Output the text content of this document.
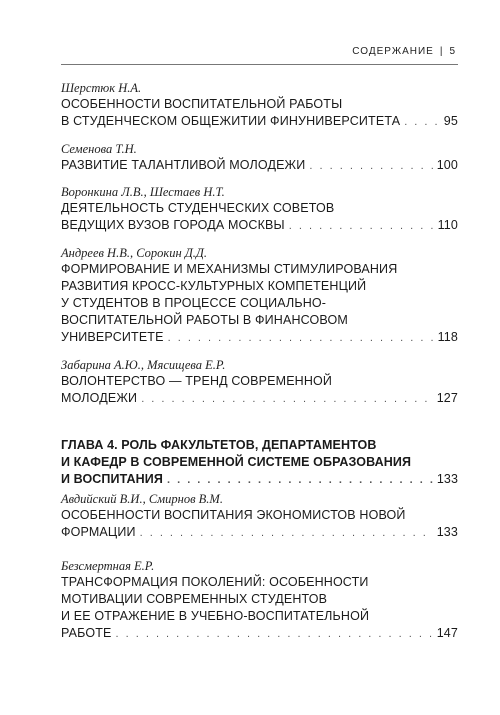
СОДЕРЖАНИЕ | 5
Шерстюк Н.А.
ОСОБЕННОСТИ ВОСПИТАТЕЛЬНОЙ РАБОТЫ
В СТУДЕНЧЕСКОМ ОБЩЕЖИТИИ ФИНУНИВЕРСИТЕТА . . .	95
Семенова Т.Н.
РАЗВИТИЕ ТАЛАНТЛИВОЙ МОЛОДЕЖИ . . .	100
Воронкина Л.В., Шестаев Н.Т.
ДЕЯТЕЛЬНОСТЬ СТУДЕНЧЕСКИХ СОВЕТОВ
ВЕДУЩИХ ВУЗОВ ГОРОДА МОСКВЫ . . .	110
Андреев Н.В., Сорокин Д.Д.
ФОРМИРОВАНИЕ И МЕХАНИЗМЫ СТИМУЛИРОВАНИЯ
РАЗВИТИЯ КРОСС-КУЛЬТУРНЫХ КОМПЕТЕНЦИЙ
У СТУДЕНТОВ В ПРОЦЕССЕ СОЦИАЛЬНО-
ВОСПИТАТЕЛЬНОЙ РАБОТЫ В ФИНАНСОВОМ
УНИВЕРСИТЕТЕ . . .	118
Забарина А.Ю., Мясищева Е.Р.
ВОЛОНТЕРСТВО — ТРЕНД СОВРЕМЕННОЙ
МОЛОДЕЖИ . . .	127
ГЛАВА 4. РОЛЬ ФАКУЛЬТЕТОВ, ДЕПАРТАМЕНТОВ
И КАФЕДР В СОВРЕМЕННОЙ СИСТЕМЕ ОБРАЗОВАНИЯ
И ВОСПИТАНИЯ . . .	133
Авдийский В.И., Смирнов В.М.
ОСОБЕННОСТИ ВОСПИТАНИЯ ЭКОНОМИСТОВ НОВОЙ
ФОРМАЦИИ . . .	133
Безсмертная Е.Р.
ТРАНСФОРМАЦИЯ ПОКОЛЕНИЙ: ОСОБЕННОСТИ
МОТИВАЦИИ СОВРЕМЕННЫХ СТУДЕНТОВ
И ЕЕ ОТРАЖЕНИЕ В УЧЕБНО-ВОСПИТАТЕЛЬНОЙ
РАБОТЕ . . .	147
